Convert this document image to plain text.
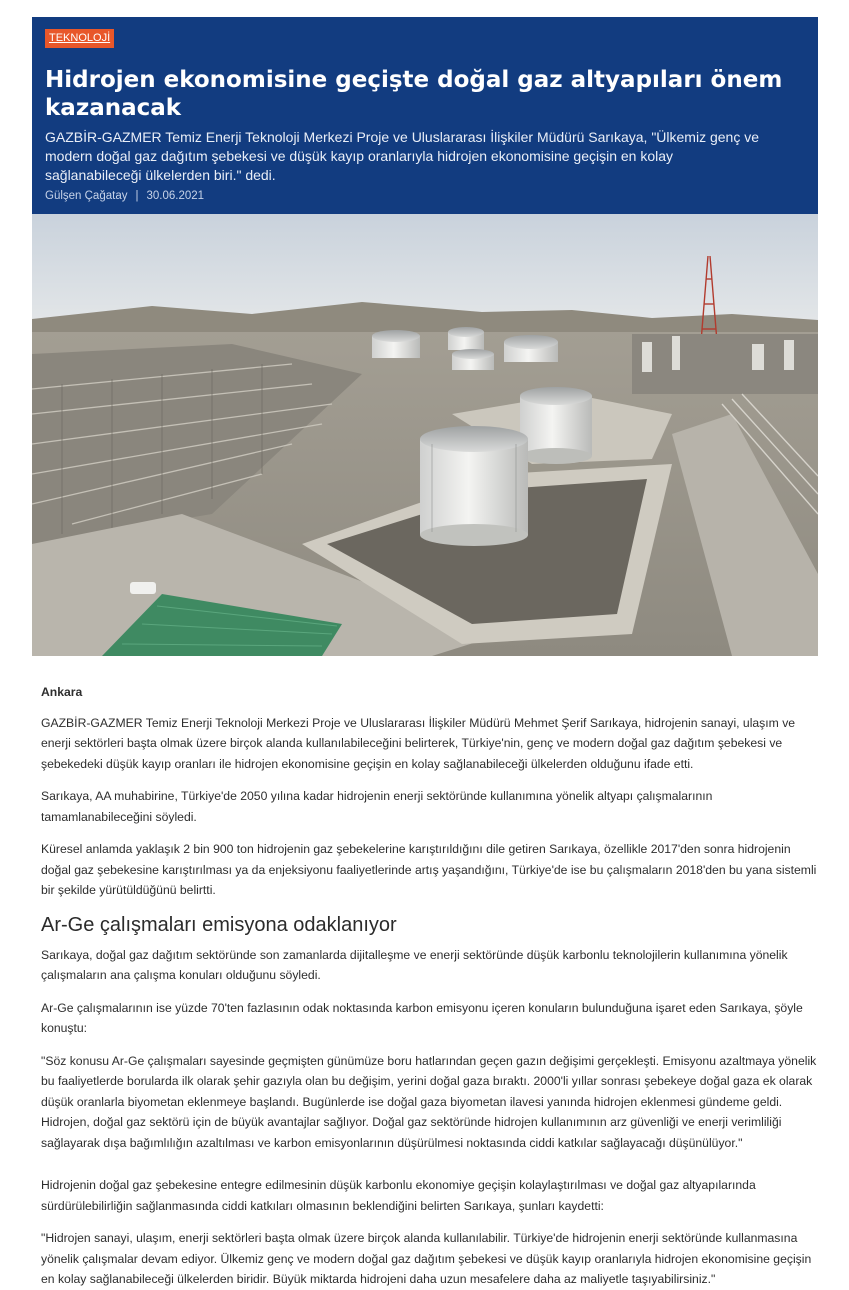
TEKNOLOJİ
Hidrojen ekonomisine geçişte doğal gaz altyapıları önem kazanacak

GAZBİR-GAZMER Temiz Enerji Teknoloji Merkezi Proje ve Uluslararası İlişkiler Müdürü Sarıkaya, "Ülkemiz genç ve modern doğal gaz dağıtım şebekesi ve düşük kayıp oranlarıyla hidrojen ekonomisine geçişin en kolay sağlanabileceği ülkelerden biri." dedi.

Gülşen Çağatay | 30.06.2021

Ankara

GAZBİR-GAZMER Temiz Enerji Teknoloji Merkezi Proje ve Uluslararası İlişkiler Müdürü Mehmet Şerif Sarıkaya, hidrojenin sanayi, ulaşım ve enerji sektörleri başta olmak üzere birçok alanda kullanılabileceğini belirterek, Türkiye'nin, genç ve modern doğal gaz dağıtım şebekesi ve şebekedeki düşük kayıp oranları ile hidrojen ekonomisine geçişin en kolay sağlanabileceği ülkelerden olduğunu ifade etti.

Sarıkaya, AA muhabirine, Türkiye'de 2050 yılına kadar hidrojenin enerji sektöründe kullanımına yönelik altyapı çalışmalarının tamamlanabileceğini söyledi.

Küresel anlamda yaklaşık 2 bin 900 ton hidrojenin gaz şebekelerine karıştırıldığını dile getiren Sarıkaya, özellikle 2017'den sonra hidrojenin doğal gaz şebekesine karıştırılması ya da enjeksiyonu faaliyetlerinde artış yaşandığını, Türkiye'de ise bu çalışmaların 2018'den bu yana sistemli bir şekilde yürütüldüğünü belirtti.

Ar-Ge çalışmaları emisyona odaklanıyor

Sarıkaya, doğal gaz dağıtım sektöründe son zamanlarda dijitalleşme ve enerji sektöründe düşük karbonlu teknolojilerin kullanımına yönelik çalışmaların ana çalışma konuları olduğunu söyledi.

Ar-Ge çalışmalarının ise yüzde 70'ten fazlasının odak noktasında karbon emisyonu içeren konuların bulunduğuna işaret eden Sarıkaya, şöyle konuştu:

"Söz konusu Ar-Ge çalışmaları sayesinde geçmişten günümüze boru hatlarından geçen gazın değişimi gerçekleşti. Emisyonu azaltmaya yönelik bu faaliyetlerde borularda ilk olarak şehir gazıyla olan bu değişim, yerini doğal gaza bıraktı. 2000'li yıllar sonrası şebekeye doğal gaza ek olarak düşük oranlarla biyometan eklenmeye başlandı. Bugünlerde ise doğal gaza biyometan ilavesi yanında hidrojen eklenmesi gündeme geldi. Hidrojen, doğal gaz sektörü için de büyük avantajlar sağlıyor. Doğal gaz sektöründe hidrojen kullanımının arz güvenliği ve enerji verimliliği sağlayarak dışa bağımlılığın azaltılması ve karbon emisyonlarının düşürülmesi noktasında ciddi katkılar sağlayacağı düşünülüyor."

Hidrojenin doğal gaz şebekesine entegre edilmesinin düşük karbonlu ekonomiye geçişin kolaylaştırılması ve doğal gaz altyapılarında sürdürülebilirliğin sağlanmasında ciddi katkıları olmasının beklendiğini belirten Sarıkaya, şunları kaydetti:

"Hidrojen sanayi, ulaşım, enerji sektörleri başta olmak üzere birçok alanda kullanılabilir. Türkiye'de hidrojenin enerji sektöründe kullanmasına yönelik çalışmalar devam ediyor. Ülkemiz genç ve modern doğal gaz dağıtım şebekesi ve düşük kayıp oranlarıyla hidrojen ekonomisine geçişin en kolay sağlanabileceği ülkelerden biridir. Büyük miktarda hidrojeni daha uzun mesafelere daha az maliyetle taşıyabilirsiniz."
